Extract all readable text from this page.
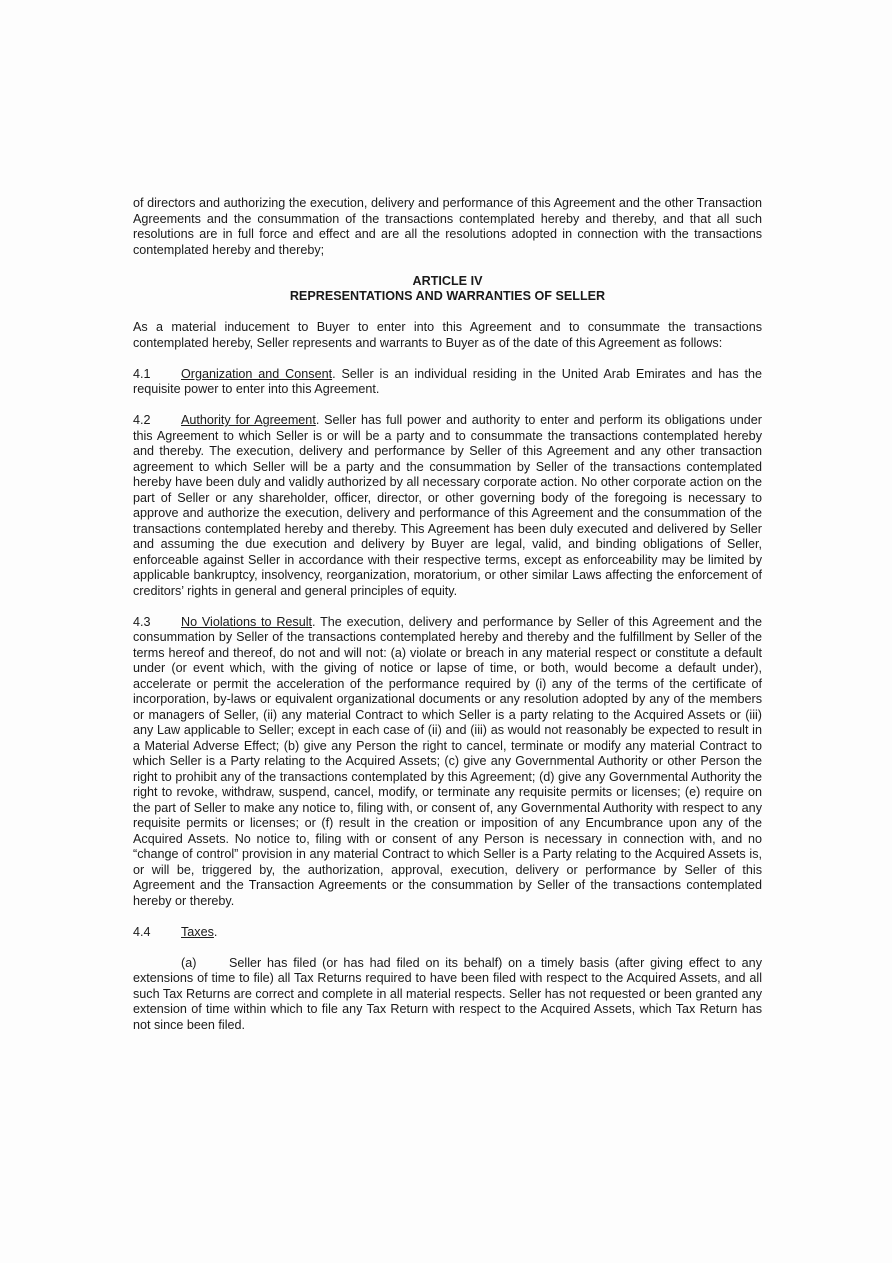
of directors and authorizing the execution, delivery and performance of this Agreement and the other Transaction Agreements and the consummation of the transactions contemplated hereby and thereby, and that all such resolutions are in full force and effect and are all the resolutions adopted in connection with the transactions contemplated hereby and thereby;

ARTICLE IV
REPRESENTATIONS AND WARRANTIES OF SELLER

As a material inducement to Buyer to enter into this Agreement and to consummate the transactions contemplated hereby, Seller represents and warrants to Buyer as of the date of this Agreement as follows:

4.1 Organization and Consent. Seller is an individual residing in the United Arab Emirates and has the requisite power to enter into this Agreement.

4.2 Authority for Agreement. Seller has full power and authority to enter and perform its obligations under this Agreement to which Seller is or will be a party and to consummate the transactions contemplated hereby and thereby. The execution, delivery and performance by Seller of this Agreement and any other transaction agreement to which Seller will be a party and the consummation by Seller of the transactions contemplated hereby have been duly and validly authorized by all necessary corporate action. No other corporate action on the part of Seller or any shareholder, officer, director, or other governing body of the foregoing is necessary to approve and authorize the execution, delivery and performance of this Agreement and the consummation of the transactions contemplated hereby and thereby. This Agreement has been duly executed and delivered by Seller and assuming the due execution and delivery by Buyer are legal, valid, and binding obligations of Seller, enforceable against Seller in accordance with their respective terms, except as enforceability may be limited by applicable bankruptcy, insolvency, reorganization, moratorium, or other similar Laws affecting the enforcement of creditors’ rights in general and general principles of equity.

4.3 No Violations to Result. The execution, delivery and performance by Seller of this Agreement and the consummation by Seller of the transactions contemplated hereby and thereby and the fulfillment by Seller of the terms hereof and thereof, do not and will not: (a) violate or breach in any material respect or constitute a default under (or event which, with the giving of notice or lapse of time, or both, would become a default under), accelerate or permit the acceleration of the performance required by (i) any of the terms of the certificate of incorporation, by-laws or equivalent organizational documents or any resolution adopted by any of the members or managers of Seller, (ii) any material Contract to which Seller is a party relating to the Acquired Assets or (iii) any Law applicable to Seller; except in each case of (ii) and (iii) as would not reasonably be expected to result in a Material Adverse Effect; (b) give any Person the right to cancel, terminate or modify any material Contract to which Seller is a Party relating to the Acquired Assets; (c) give any Governmental Authority or other Person the right to prohibit any of the transactions contemplated by this Agreement; (d) give any Governmental Authority the right to revoke, withdraw, suspend, cancel, modify, or terminate any requisite permits or licenses; (e) require on the part of Seller to make any notice to, filing with, or consent of, any Governmental Authority with respect to any requisite permits or licenses; or (f) result in the creation or imposition of any Encumbrance upon any of the Acquired Assets. No notice to, filing with or consent of any Person is necessary in connection with, and no “change of control” provision in any material Contract to which Seller is a Party relating to the Acquired Assets is, or will be, triggered by, the authorization, approval, execution, delivery or performance by Seller of this Agreement and the Transaction Agreements or the consummation by Seller of the transactions contemplated hereby or thereby.

4.4 Taxes.

(a)	Seller has filed (or has had filed on its behalf) on a timely basis (after giving effect to any extensions of time to file) all Tax Returns required to have been filed with respect to the Acquired Assets, and all such Tax Returns are correct and complete in all material respects. Seller has not requested or been granted any extension of time within which to file any Tax Return with respect to the Acquired Assets, which Tax Return has not since been filed.
